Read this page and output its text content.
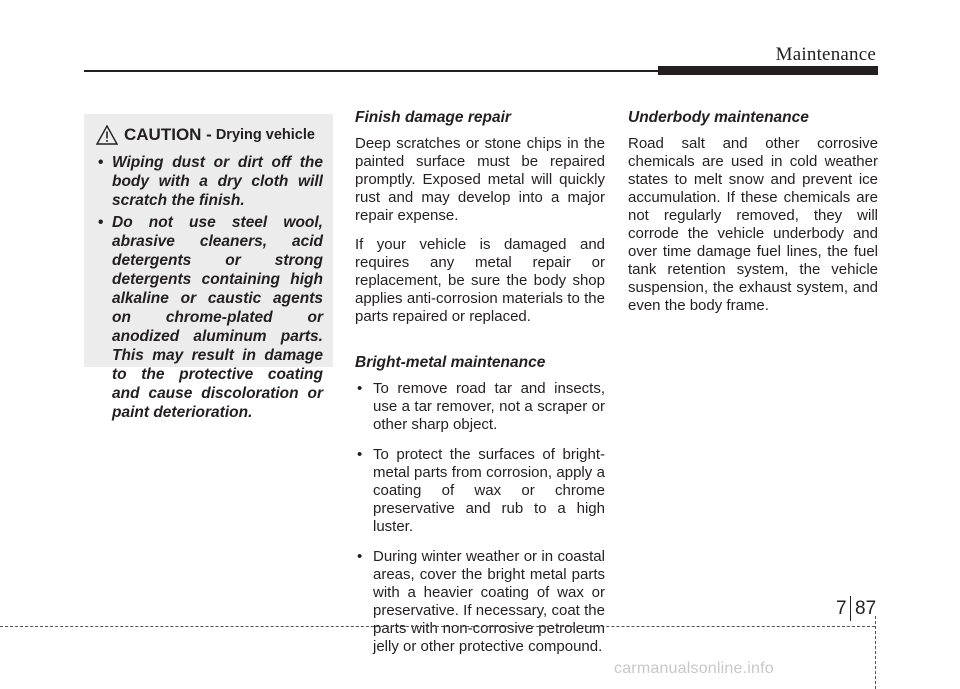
Maintenance
CAUTION - Drying vehicle
• Wiping dust or dirt off the body with a dry cloth will scratch the finish.
• Do not use steel wool, abrasive cleaners, acid detergents or strong detergents containing high alkaline or caustic agents on chrome-plated or anodized aluminum parts. This may result in damage to the protective coating and cause discoloration or paint deterioration.
Finish damage repair

Deep scratches or stone chips in the painted surface must be repaired promptly. Exposed metal will quickly rust and may develop into a major repair expense.

If your vehicle is damaged and requires any metal repair or replacement, be sure the body shop applies anti-corrosion materials to the parts repaired or replaced.

Bright-metal maintenance
• To remove road tar and insects, use a tar remover, not a scraper or other sharp object.
• To protect the surfaces of bright-metal parts from corrosion, apply a coating of wax or chrome preservative and rub to a high luster.
• During winter weather or in coastal areas, cover the bright metal parts with a heavier coating of wax or preservative. If necessary, coat the parts with non-corrosive petroleum jelly or other protective compound.
Underbody maintenance

Road salt and other corrosive chemicals are used in cold weather states to melt snow and prevent ice accumulation. If these chemicals are not regularly removed, they will corrode the vehicle underbody and over time damage fuel lines, the fuel tank retention system, the vehicle suspension, the exhaust system, and even the body frame.

7 87
carmanualsonline.info
